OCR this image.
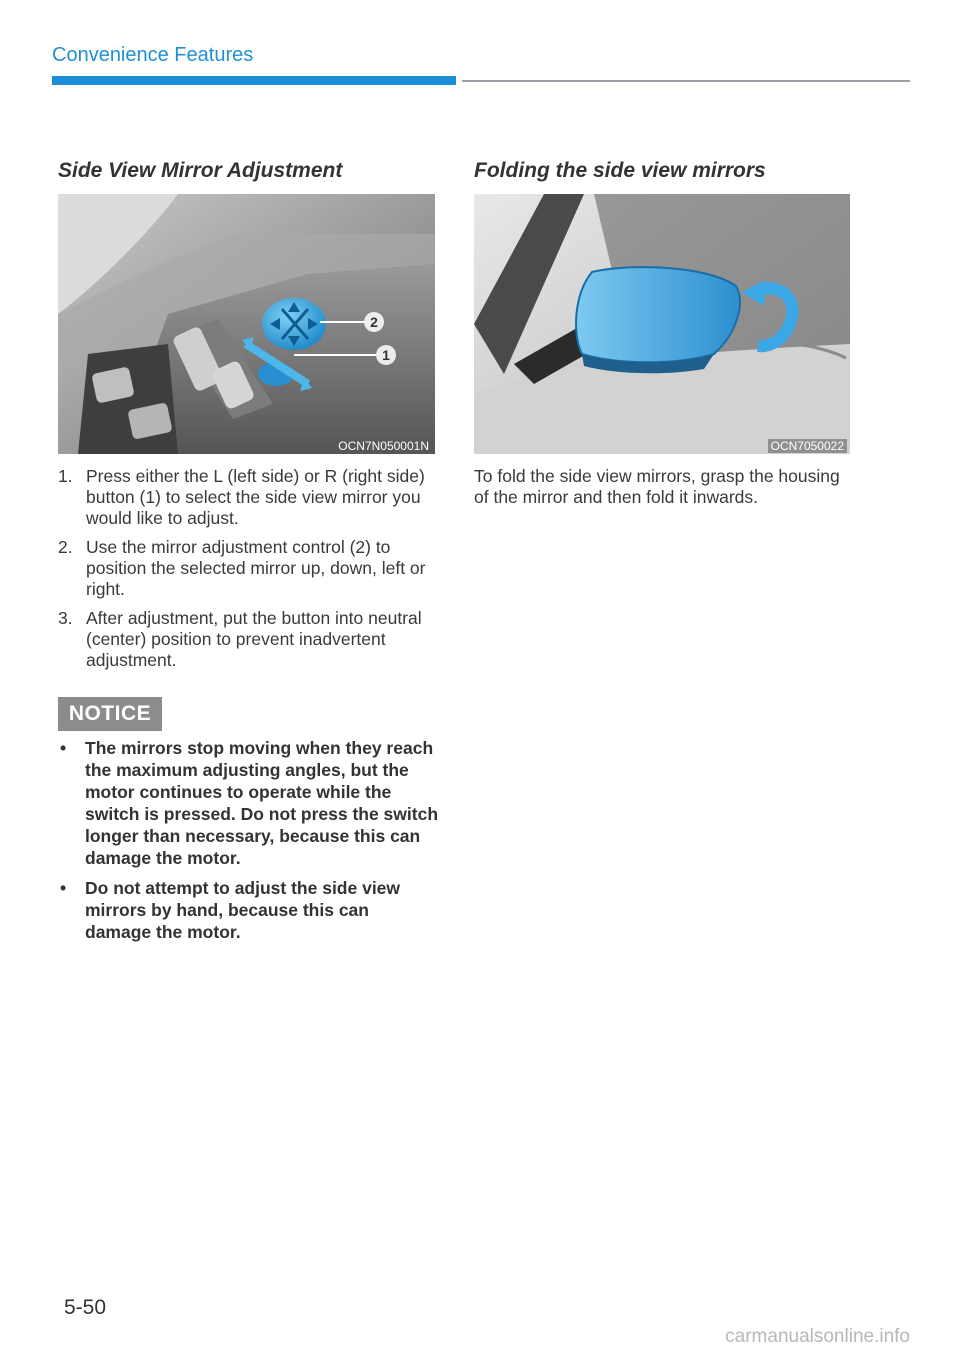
Convenience Features
Side View Mirror Adjustment
2
1
OCN7N050001N
1. Press either the L (left side) or R (right side) button (1) to select the side view mirror you would like to adjust.
2. Use the mirror adjustment control (2) to position the selected mirror up, down, left or right.
3. After adjustment, put the button into neutral (center) position to prevent inadvertent adjustment.
NOTICE
• The mirrors stop moving when they reach the maximum adjusting angles, but the motor continues to operate while the switch is pressed. Do not press the switch longer than necessary, because this can damage the motor.
• Do not attempt to adjust the side view mirrors by hand, because this can damage the motor.
Folding the side view mirrors
OCN7050022

To fold the side view mirrors, grasp the housing of the mirror and then fold it inwards.

5-50
carmanualsonline.info
